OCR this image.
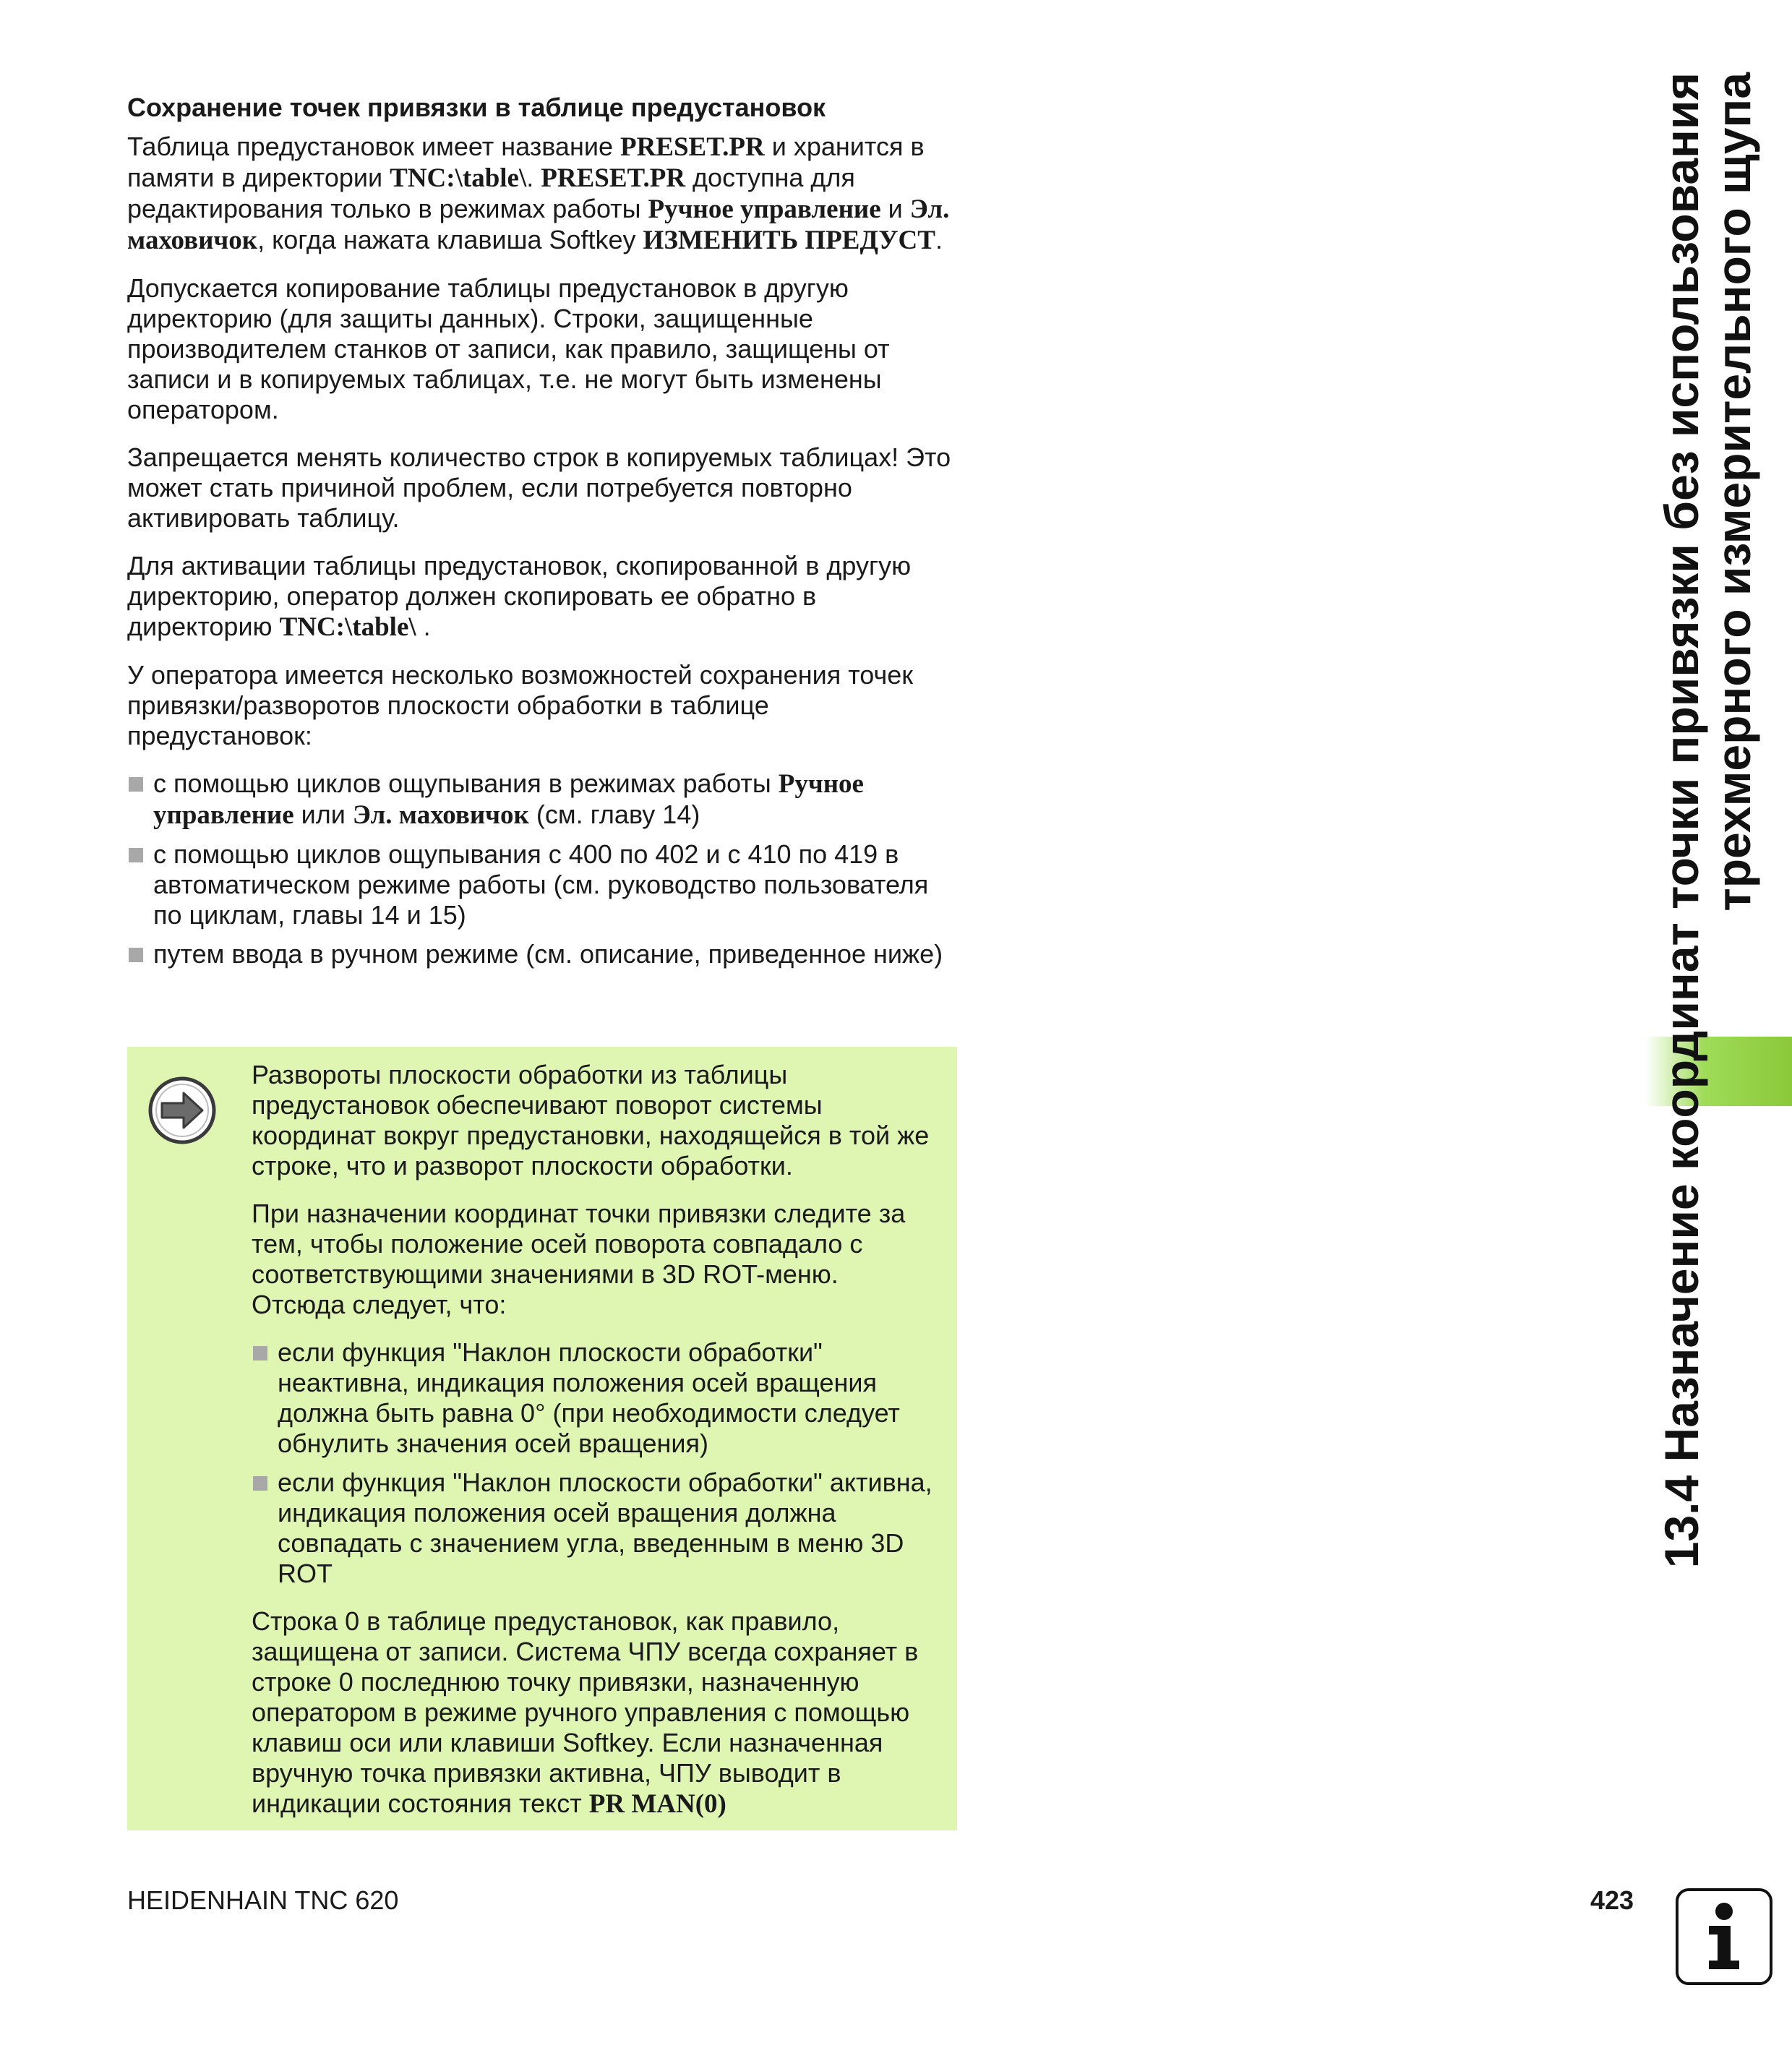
Сохранение точек привязки в таблице предустановок

Таблица предустановок имеет название PRESET.PR и хранится в памяти в директории TNC:\table\. PRESET.PR доступна для редактирования только в режимах работы Ручное управление и Эл. маховичок, когда нажата клавиша Softkey ИЗМЕНИТЬ ПРЕДУСТ.

Допускается копирование таблицы предустановок в другую директорию (для защиты данных). Строки, защищенные производителем станков от записи, как правило, защищены от записи и в копируемых таблицах, т.е. не могут быть изменены оператором.

Запрещается менять количество строк в копируемых таблицах! Это может стать причиной проблем, если потребуется повторно активировать таблицу.

Для активации таблицы предустановок, скопированной в другую директорию, оператор должен скопировать ее обратно в директорию TNC:\table\ .

У оператора имеется несколько возможностей сохранения точек привязки/разворотов плоскости обработки в таблице предустановок:

с помощью циклов ощупывания в режимах работы Ручное управление или Эл. маховичок (см. главу 14)
с помощью циклов ощупывания с 400 по 402 и с 410 по 419 в автоматическом режиме работы (см. руководство пользователя по циклам, главы 14 и 15)
путем ввода в ручном режиме (см. описание, приведенное ниже)

Развороты плоскости обработки из таблицы предустановок обеспечивают поворот системы координат вокруг предустановки, находящейся в той же строке, что и разворот плоскости обработки.

При назначении координат точки привязки следите за тем, чтобы положение осей поворота совпадало с соответствующими значениями в 3D ROT-меню. Отсюда следует, что:

если функция "Наклон плоскости обработки" неактивна, индикация положения осей вращения должна быть равна 0° (при необходимости следует обнулить значения осей вращения)
если функция "Наклон плоскости обработки" активна, индикация положения осей вращения должна совпадать с значением угла, введенным в меню 3D ROT

Строка 0 в таблице предустановок, как правило, защищена от записи. Система ЧПУ всегда сохраняет в строке 0 последнюю точку привязки, назначенную оператором в режиме ручного управления с помощью клавиш оси или клавиши Softkey. Если назначенная вручную точка привязки активна, ЧПУ выводит в индикации состояния текст PR MAN(0)

13.4 Назначение координат точки привязки без использования
трехмерного измерительного щупа
HEIDENHAIN TNC 620	423
